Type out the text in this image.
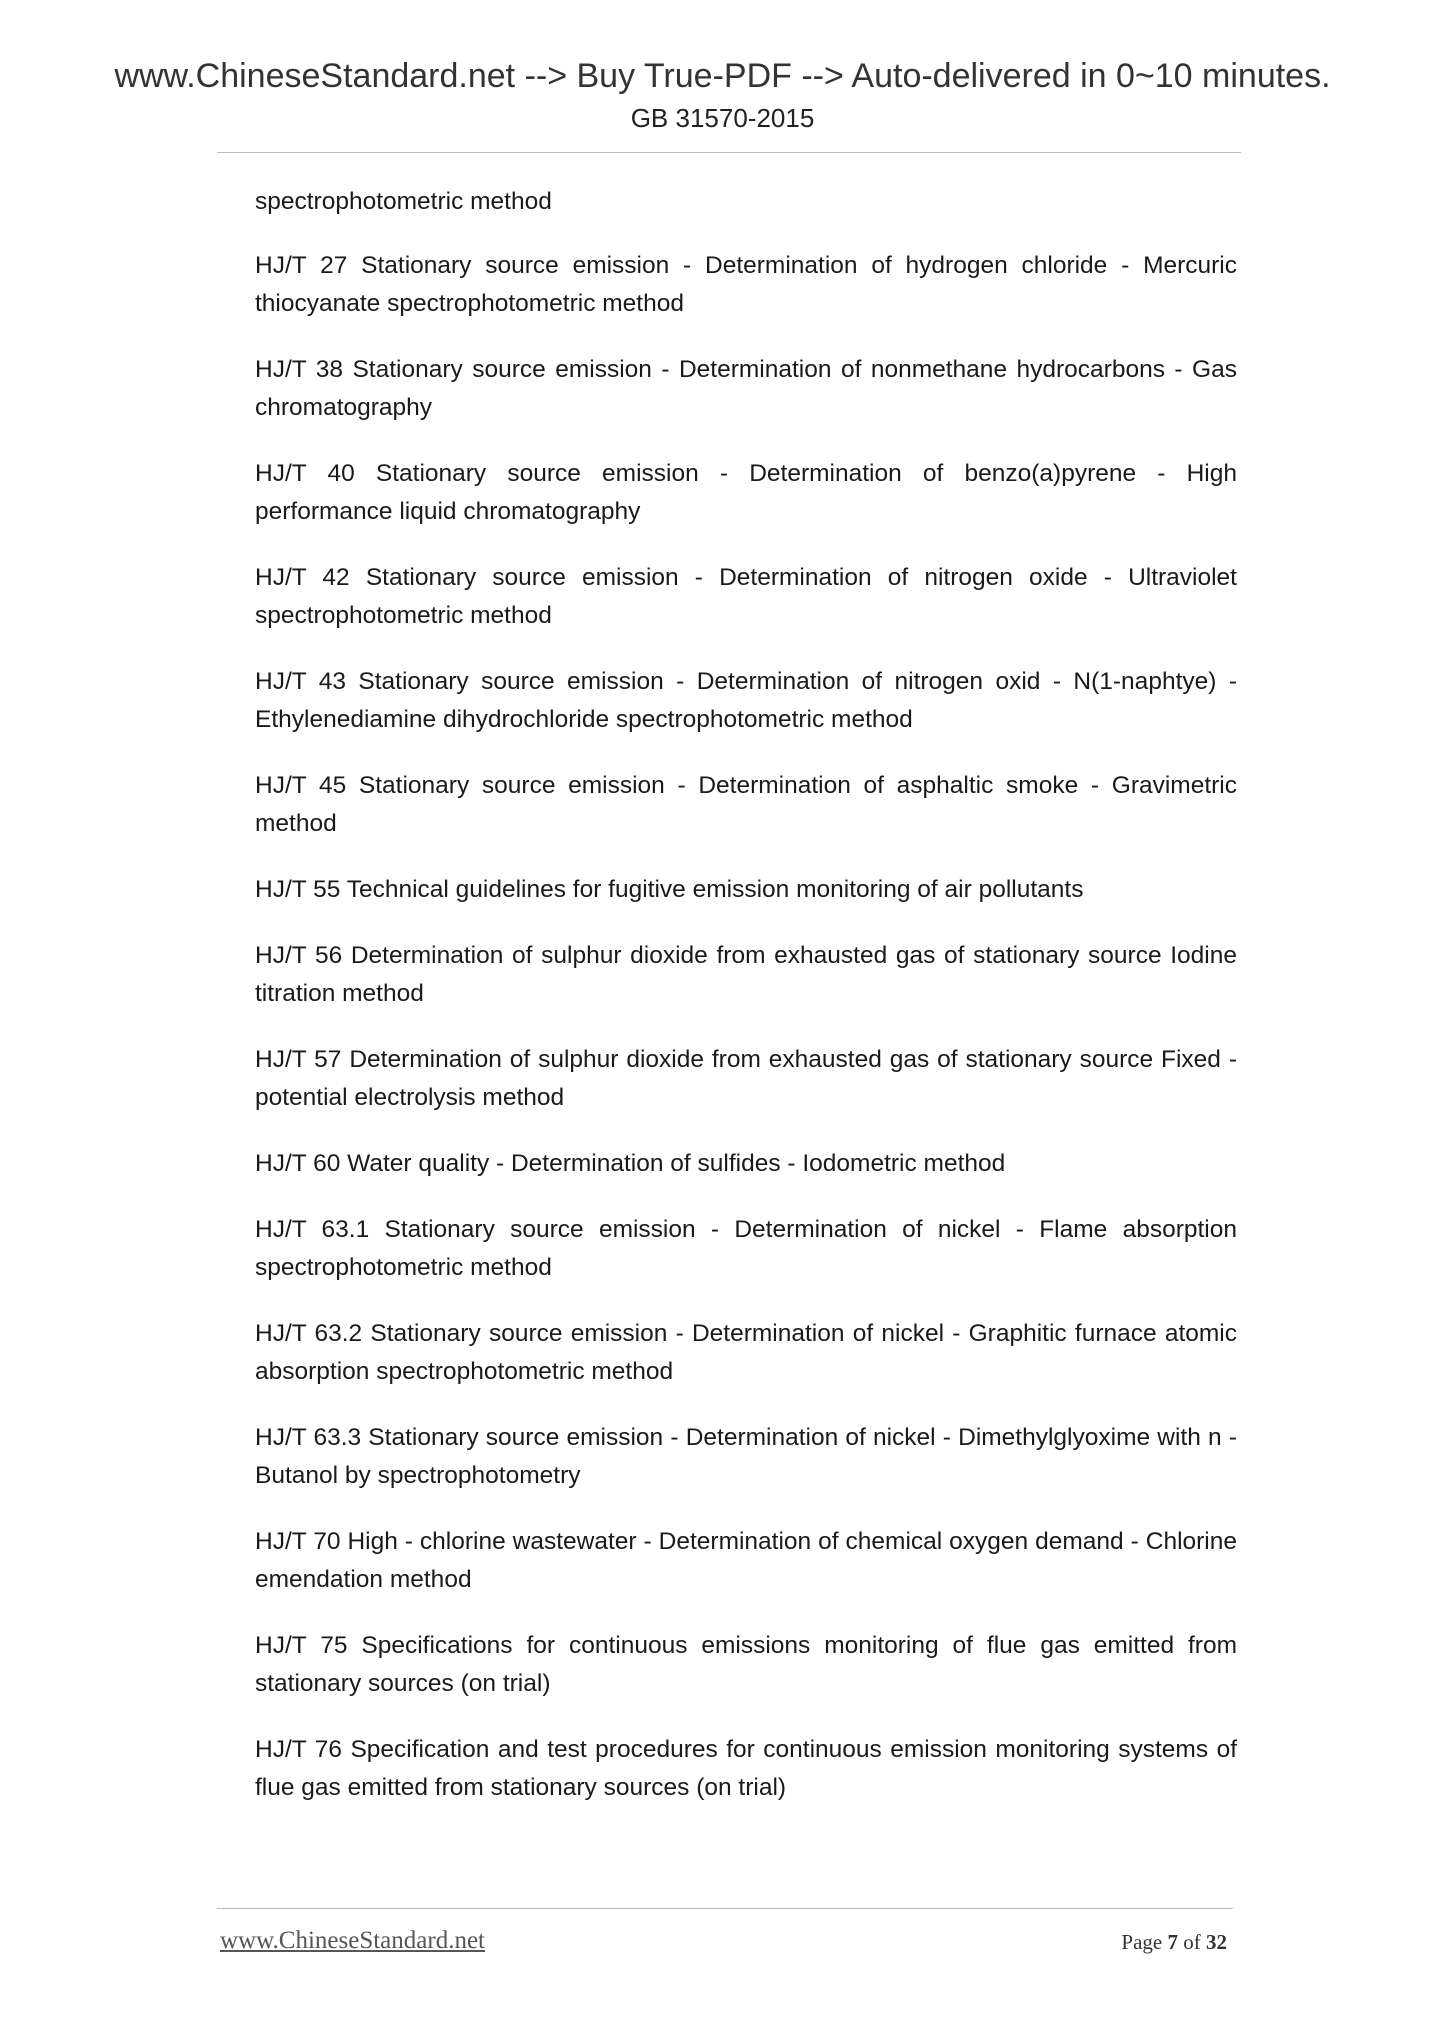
www.ChineseStandard.net --> Buy True-PDF --> Auto-delivered in 0~10 minutes.
GB 31570-2015

spectrophotometric method

HJ/T 27 Stationary source emission - Determination of hydrogen chloride - Mercuric thiocyanate spectrophotometric method

HJ/T 38 Stationary source emission - Determination of nonmethane hydrocarbons - Gas chromatography

HJ/T 40 Stationary source emission - Determination of benzo(a)pyrene - High performance liquid chromatography

HJ/T 42 Stationary source emission - Determination of nitrogen oxide - Ultraviolet spectrophotometric method

HJ/T 43 Stationary source emission - Determination of nitrogen oxid - N(1-naphtye) - Ethylenediamine dihydrochloride spectrophotometric method

HJ/T 45 Stationary source emission - Determination of asphaltic smoke - Gravimetric method

HJ/T 55 Technical guidelines for fugitive emission monitoring of air pollutants

HJ/T 56 Determination of sulphur dioxide from exhausted gas of stationary source Iodine titration method

HJ/T 57 Determination of sulphur dioxide from exhausted gas of stationary source Fixed - potential electrolysis method

HJ/T 60 Water quality - Determination of sulfides - Iodometric method

HJ/T 63.1 Stationary source emission - Determination of nickel - Flame absorption spectrophotometric method

HJ/T 63.2 Stationary source emission - Determination of nickel - Graphitic furnace atomic absorption spectrophotometric method

HJ/T 63.3 Stationary source emission - Determination of nickel - Dimethylglyoxime with n - Butanol by spectrophotometry

HJ/T 70 High - chlorine wastewater - Determination of chemical oxygen demand - Chlorine emendation method

HJ/T 75 Specifications for continuous emissions monitoring of flue gas emitted from stationary sources (on trial)

HJ/T 76 Specification and test procedures for continuous emission monitoring systems of flue gas emitted from stationary sources (on trial)

www.ChineseStandard.net	Page 7 of 32
